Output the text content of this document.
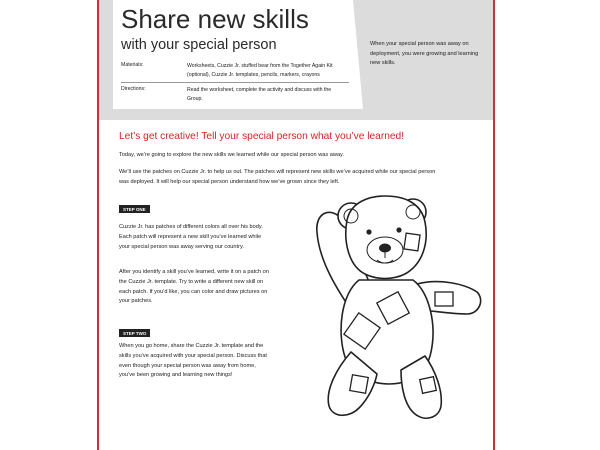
Share new skills
with your special person
Materials:	Worksheets, Cuzzie Jr. stuffed bear from the Together Again Kit (optional), Cuzzie Jr. templates, pencils, markers, crayons
Directions:	Read the worksheet, complete the activity and discuss with the Group.
When your special person was away on deployment, you were growing and learning new skills.
Let’s get creative! Tell your special person what you’ve learned!
Today, we’re going to explore the new skills we learned while our special person was away.
We’ll use the patches on Cuzzie Jr. to help us out. The patches will represent new skills we’ve acquired while our special person was deployed. It will help our special person understand how we’ve grown since they left.
STEP ONE
Cuzzie Jr. has patches of different colors all over his body. Each patch will represent a new skill you’ve learned while your special person was away serving our country.
After you identify a skill you’ve learned, write it on a patch on the Cuzzie Jr. template. Try to write a different new skill on each patch. If you’d like, you can color and draw pictures on your patches.
STEP TWO
When you go home, share the Cuzzie Jr. template and the skills you’ve acquired with your special person. Discuss that even though your special person was away from home, you’ve been growing and learning new things!
